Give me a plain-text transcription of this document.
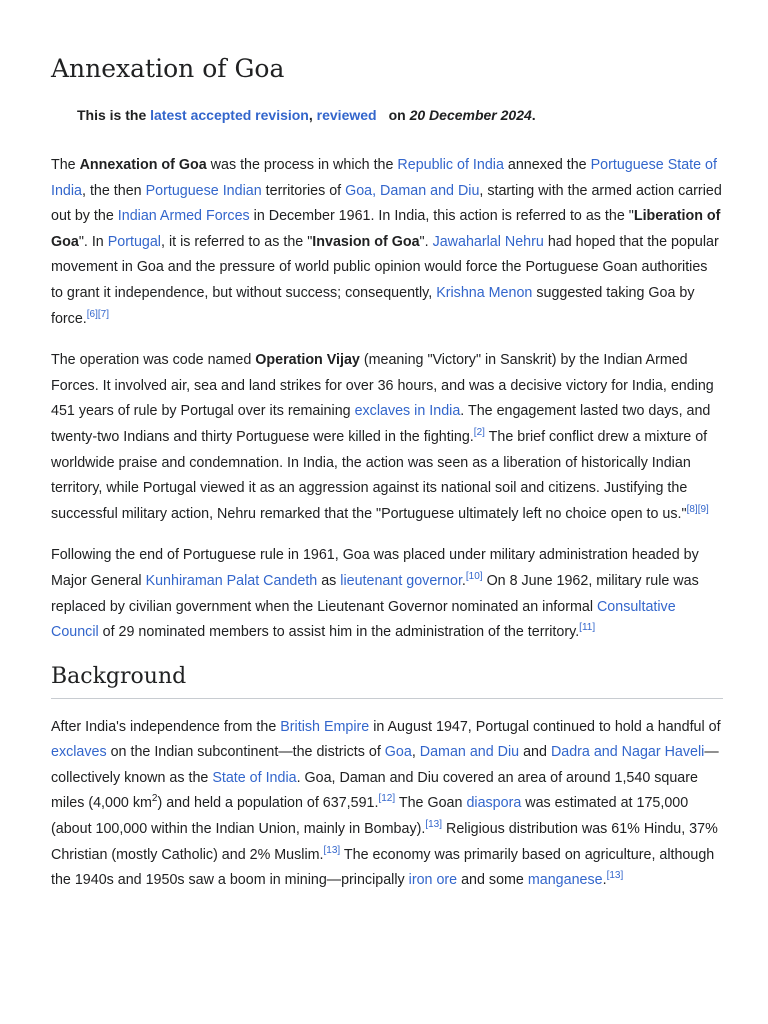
Annexation of Goa
This is the latest accepted revision, reviewed on 20 December 2024.

The Annexation of Goa was the process in which the Republic of India annexed the Portuguese State of India, the then Portuguese Indian territories of Goa, Daman and Diu, starting with the armed action carried out by the Indian Armed Forces in December 1961. In India, this action is referred to as the "Liberation of Goa". In Portugal, it is referred to as the "Invasion of Goa". Jawaharlal Nehru had hoped that the popular movement in Goa and the pressure of world public opinion would force the Portuguese Goan authorities to grant it independence, but without success; consequently, Krishna Menon suggested taking Goa by force.[6][7]

The operation was code named Operation Vijay (meaning "Victory" in Sanskrit) by the Indian Armed Forces. It involved air, sea and land strikes for over 36 hours, and was a decisive victory for India, ending 451 years of rule by Portugal over its remaining exclaves in India. The engagement lasted two days, and twenty-two Indians and thirty Portuguese were killed in the fighting.[2] The brief conflict drew a mixture of worldwide praise and condemnation. In India, the action was seen as a liberation of historically Indian territory, while Portugal viewed it as an aggression against its national soil and citizens. Justifying the successful military action, Nehru remarked that the "Portuguese ultimately left no choice open to us."[8][9]

Following the end of Portuguese rule in 1961, Goa was placed under military administration headed by Major General Kunhiraman Palat Candeth as lieutenant governor.[10] On 8 June 1962, military rule was replaced by civilian government when the Lieutenant Governor nominated an informal Consultative Council of 29 nominated members to assist him in the administration of the territory.[11]

Background

After India's independence from the British Empire in August 1947, Portugal continued to hold a handful of exclaves on the Indian subcontinent—the districts of Goa, Daman and Diu and Dadra and Nagar Haveli—collectively known as the State of India. Goa, Daman and Diu covered an area of around 1,540 square miles (4,000 $km^2$) and held a population of 637,591.[12] The Goan diaspora was estimated at 175,000 (about 100,000 within the Indian Union, mainly in Bombay).[13] Religious distribution was 61% Hindu, 37% Christian (mostly Catholic) and 2% Muslim.[13] The economy was primarily based on agriculture, although the 1940s and 1950s saw a boom in mining—principally iron ore and some manganese.[13]
